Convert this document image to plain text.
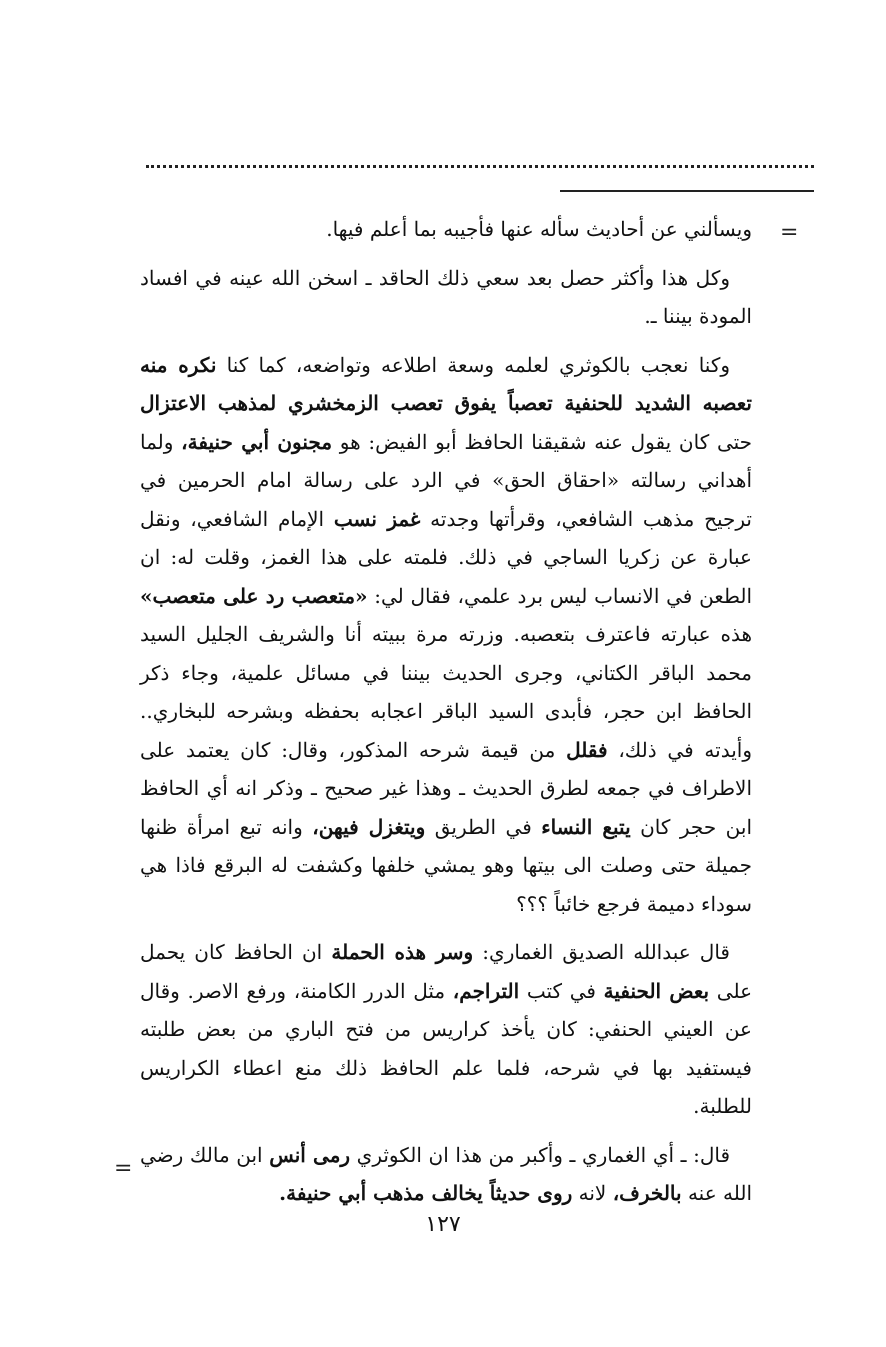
=
=

ويسألني عن أحاديث سأله عنها فأجيبه بما أعلم فيها.

وكل هذا وأكثر حصل بعد سعي ذلك الحاقد ـ اسخن الله عينه في افساد المودة بيننا ـ.

وكنا نعجب بالكوثري لعلمه وسعة اطلاعه وتواضعه، كما كنا نكره منه تعصبه الشديد للحنفية تعصباً يفوق تعصب الزمخشري لمذهب الاعتزال حتى كان يقول عنه شقيقنا الحافظ أبو الفيض: هو مجنون أبي حنيفة، ولما أهداني رسالته «احقاق الحق» في الرد على رسالة امام الحرمين في ترجيح مذهب الشافعي، وقرأتها وجدته غمز نسب الإمام الشافعي، ونقل عبارة عن زكريا الساجي في ذلك. فلمته على هذا الغمز، وقلت له: ان الطعن في الانساب ليس برد علمي، فقال لي: «متعصب رد على متعصب» هذه عبارته فاعترف بتعصبه. وزرته مرة ببيته أنا والشريف الجليل السيد محمد الباقر الكتاني، وجرى الحديث بيننا في مسائل علمية، وجاء ذكر الحافظ ابن حجر، فأبدى السيد الباقر اعجابه بحفظه وبشرحه للبخاري.. وأيدته في ذلك، فقلل من قيمة شرحه المذكور، وقال: كان يعتمد على الاطراف في جمعه لطرق الحديث ـ وهذا غير صحيح ـ وذكر انه أي الحافظ ابن حجر كان يتبع النساء في الطريق ويتغزل فيهن، وانه تبع امرأة ظنها جميلة حتى وصلت الى بيتها وهو يمشي خلفها وكشفت له البرقع فاذا هي سوداء دميمة فرجع خائباً ؟؟؟

قال عبدالله الصديق الغماري: وسر هذه الحملة ان الحافظ كان يحمل على بعض الحنفية في كتب التراجم، مثل الدرر الكامنة، ورفع الاصر. وقال عن العيني الحنفي: كان يأخذ كراريس من فتح الباري من بعض طلبته فيستفيد بها في شرحه، فلما علم الحافظ ذلك منع اعطاء الكراريس للطلبة.

قال: ـ أي الغماري ـ وأكبر من هذا ان الكوثري رمى أنس ابن مالك رضي الله عنه بالخرف، لانه روى حديثاً يخالف مذهب أبي حنيفة.

١٢٧
